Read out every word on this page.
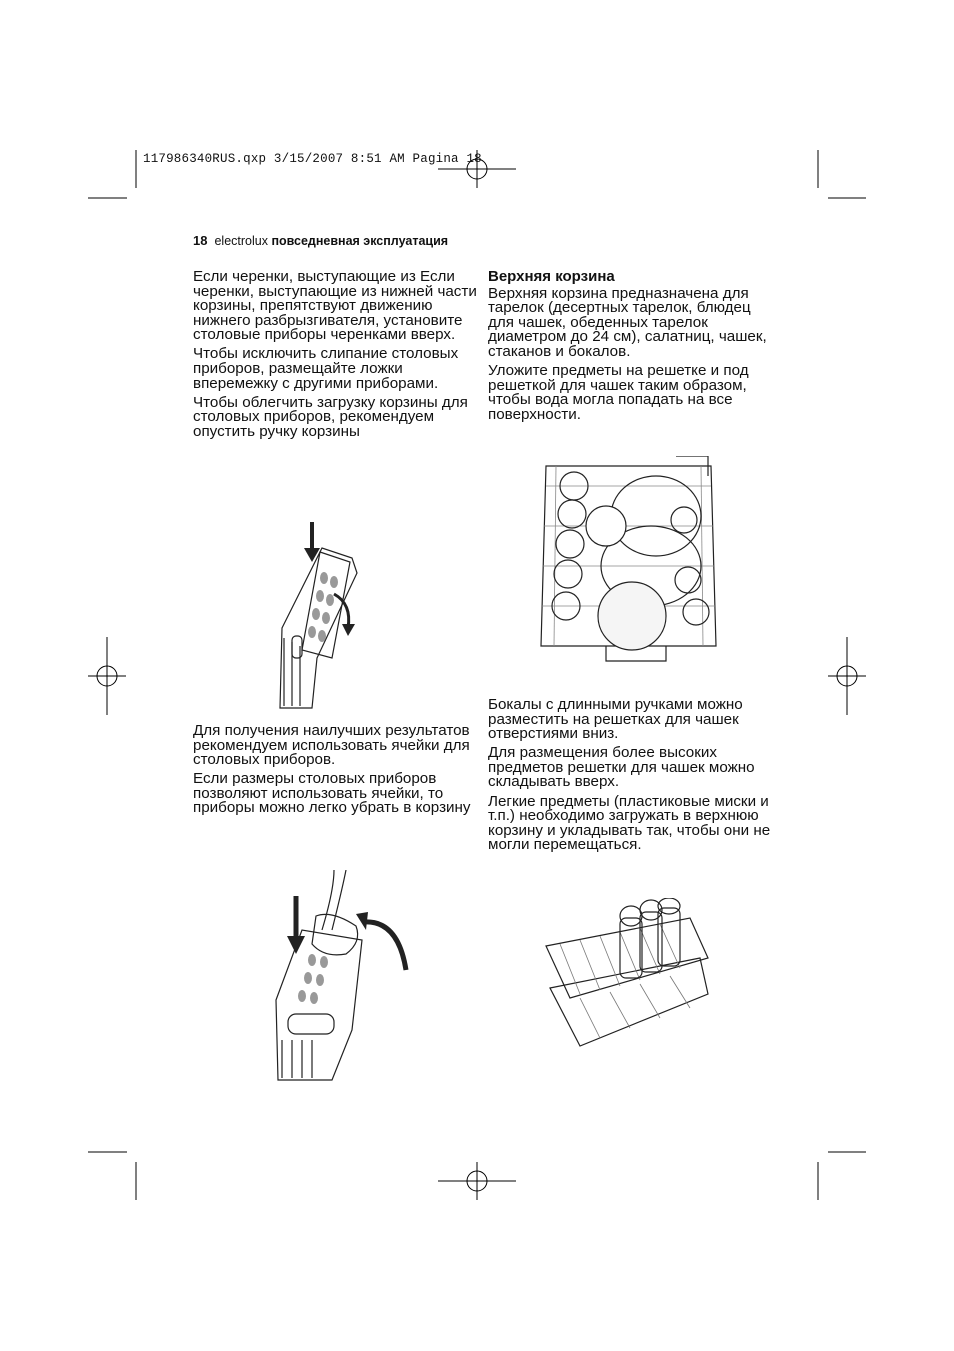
117986340RUS.qxp 3/15/2007 8:51 AM Pagina 18
18 electrolux повседневная эксплуатация

Если черенки, выступающие из Если черенки, выступающие из нижней части корзины, препятствуют движению нижнего разбрызгивателя, установите столовые приборы черенками вверх.

Чтобы исключить слипание столовых приборов, размещайте ложки вперемежку с другими приборами.

Чтобы облегчить загрузку корзины для столовых приборов, рекомендуем опустить ручку корзины

Верхняя корзина

Верхняя корзина предназначена для тарелок (десертных тарелок, блюдец для чашек, обеденных тарелок диаметром до 24 см), салатниц, чашек, стаканов и бокалов.

Уложите предметы на решетке и под решеткой для чашек таким образом, чтобы вода могла попадать на все поверхности.

Для получения наилучших результатов рекомендуем использовать ячейки для столовых приборов.

Если размеры столовых приборов позволяют использовать ячейки, то приборы можно легко убрать в корзину

Бокалы с длинными ручками можно разместить на решетках для чашек отверстиями вниз.

Для размещения более высоких предметов решетки для чашек можно складывать вверх.

Легкие предметы (пластиковые миски и т.п.) необходимо загружать в верхнюю корзину и укладывать так, чтобы они не могли перемещаться.
